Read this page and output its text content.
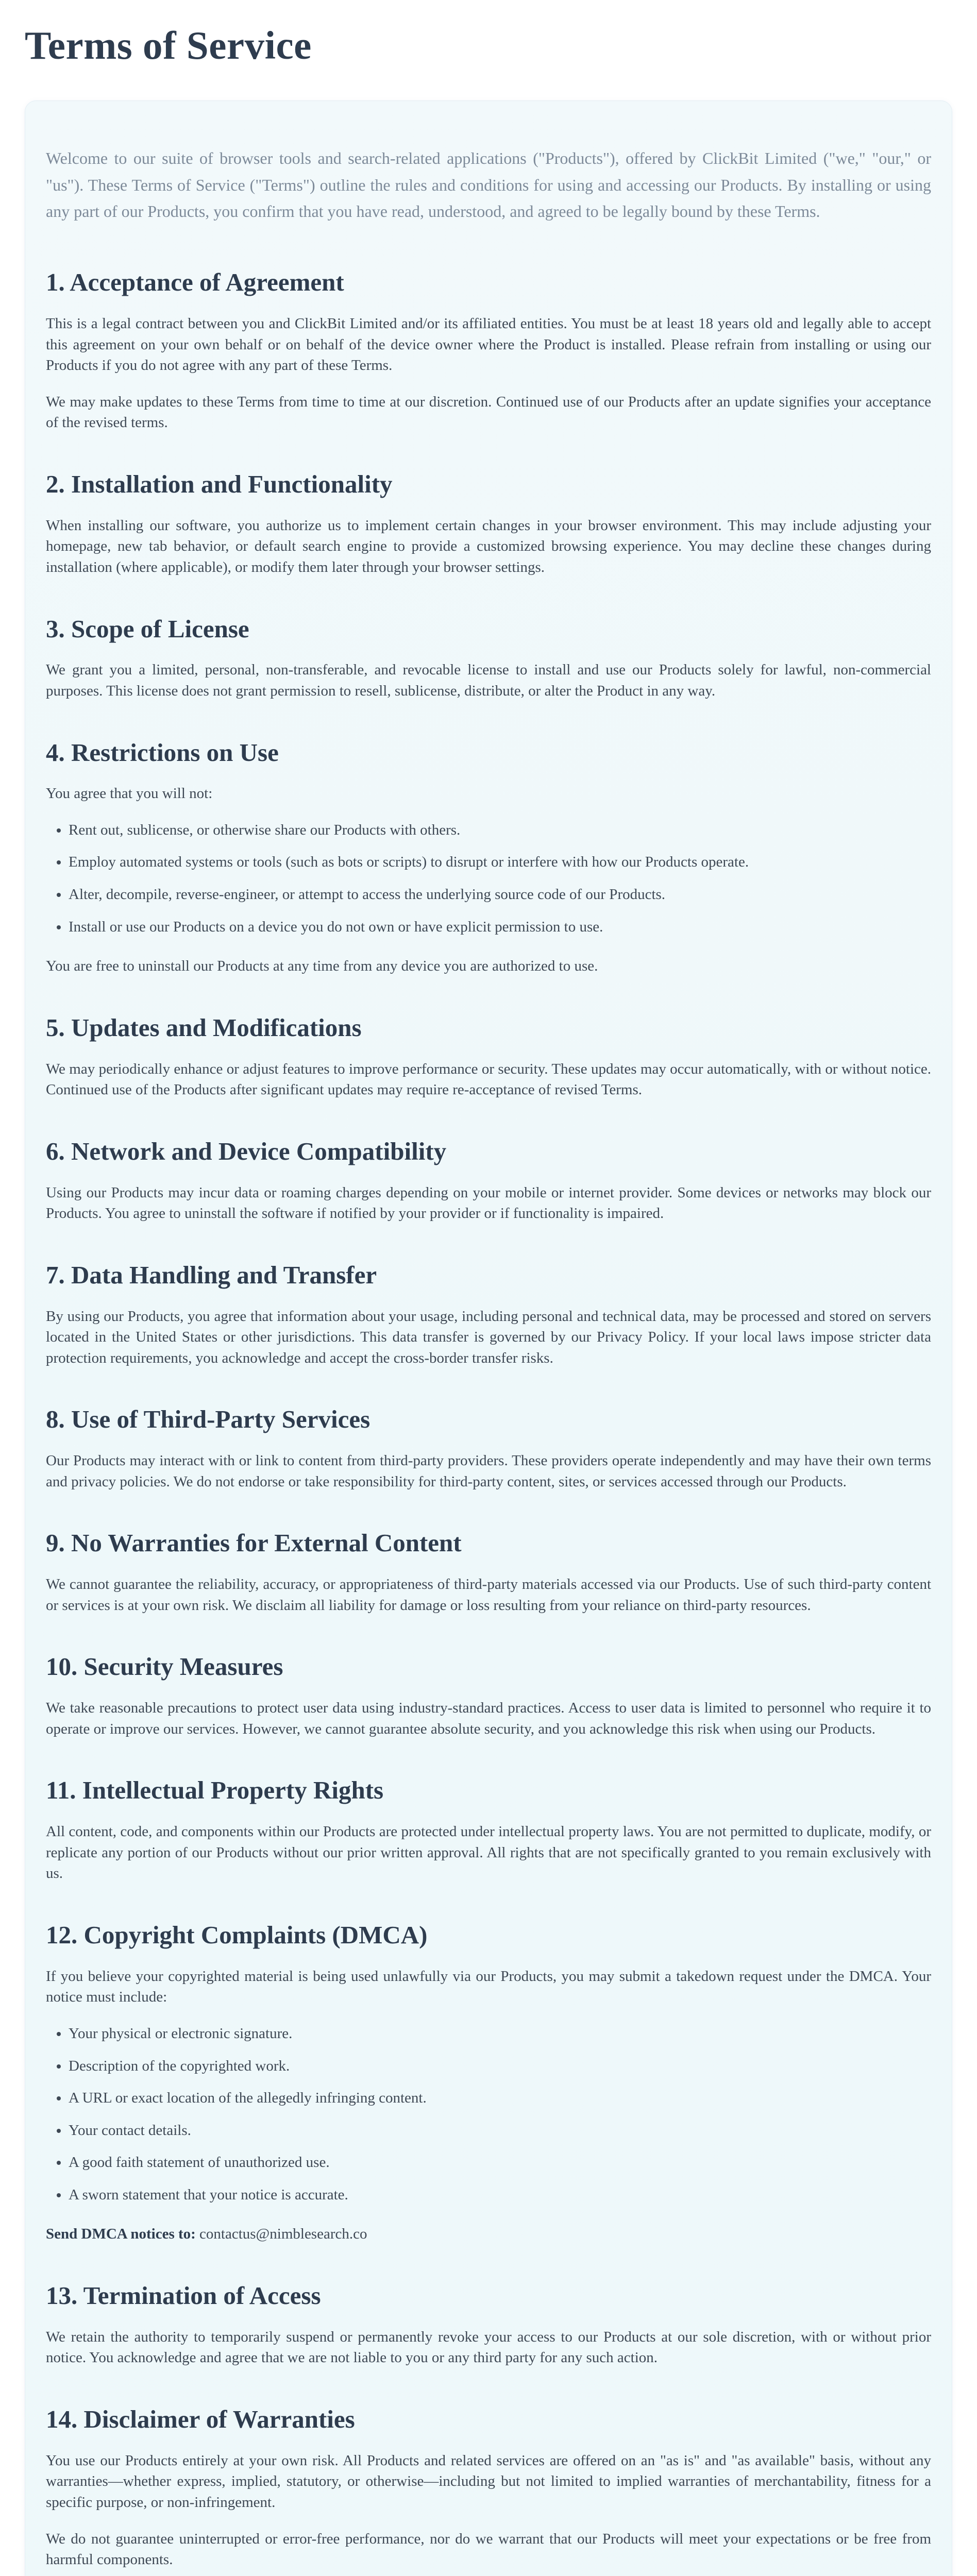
Terms of Service

Welcome to our suite of browser tools and search-related applications ("Products"), offered by ClickBit Limited ("we," "our," or "us"). These Terms of Service ("Terms") outline the rules and conditions for using and accessing our Products. By installing or using any part of our Products, you confirm that you have read, understood, and agreed to be legally bound by these Terms.

1. Acceptance of Agreement

This is a legal contract between you and ClickBit Limited and/or its affiliated entities. You must be at least 18 years old and legally able to accept this agreement on your own behalf or on behalf of the device owner where the Product is installed. Please refrain from installing or using our Products if you do not agree with any part of these Terms.

We may make updates to these Terms from time to time at our discretion. Continued use of our Products after an update signifies your acceptance of the revised terms.

2. Installation and Functionality

When installing our software, you authorize us to implement certain changes in your browser environment. This may include adjusting your homepage, new tab behavior, or default search engine to provide a customized browsing experience. You may decline these changes during installation (where applicable), or modify them later through your browser settings.

3. Scope of License

We grant you a limited, personal, non-transferable, and revocable license to install and use our Products solely for lawful, non-commercial purposes. This license does not grant permission to resell, sublicense, distribute, or alter the Product in any way.

4. Restrictions on Use

You agree that you will not:

• Rent out, sublicense, or otherwise share our Products with others.
• Employ automated systems or tools (such as bots or scripts) to disrupt or interfere with how our Products operate.
• Alter, decompile, reverse-engineer, or attempt to access the underlying source code of our Products.
• Install or use our Products on a device you do not own or have explicit permission to use.

You are free to uninstall our Products at any time from any device you are authorized to use.

5. Updates and Modifications

We may periodically enhance or adjust features to improve performance or security. These updates may occur automatically, with or without notice. Continued use of the Products after significant updates may require re-acceptance of revised Terms.

6. Network and Device Compatibility

Using our Products may incur data or roaming charges depending on your mobile or internet provider. Some devices or networks may block our Products. You agree to uninstall the software if notified by your provider or if functionality is impaired.

7. Data Handling and Transfer

By using our Products, you agree that information about your usage, including personal and technical data, may be processed and stored on servers located in the United States or other jurisdictions. This data transfer is governed by our Privacy Policy. If your local laws impose stricter data protection requirements, you acknowledge and accept the cross-border transfer risks.

8. Use of Third-Party Services

Our Products may interact with or link to content from third-party providers. These providers operate independently and may have their own terms and privacy policies. We do not endorse or take responsibility for third-party content, sites, or services accessed through our Products.

9. No Warranties for External Content

We cannot guarantee the reliability, accuracy, or appropriateness of third-party materials accessed via our Products. Use of such third-party content or services is at your own risk. We disclaim all liability for damage or loss resulting from your reliance on third-party resources.

10. Security Measures

We take reasonable precautions to protect user data using industry-standard practices. Access to user data is limited to personnel who require it to operate or improve our services. However, we cannot guarantee absolute security, and you acknowledge this risk when using our Products.

11. Intellectual Property Rights

All content, code, and components within our Products are protected under intellectual property laws. You are not permitted to duplicate, modify, or replicate any portion of our Products without our prior written approval. All rights that are not specifically granted to you remain exclusively with us.

12. Copyright Complaints (DMCA)

If you believe your copyrighted material is being used unlawfully via our Products, you may submit a takedown request under the DMCA. Your notice must include:

• Your physical or electronic signature.
• Description of the copyrighted work.
• A URL or exact location of the allegedly infringing content.
• Your contact details.
• A good faith statement of unauthorized use.
• A sworn statement that your notice is accurate.

Send DMCA notices to: contactus@nimblesearch.co

13. Termination of Access

We retain the authority to temporarily suspend or permanently revoke your access to our Products at our sole discretion, with or without prior notice. You acknowledge and agree that we are not liable to you or any third party for any such action.

14. Disclaimer of Warranties

You use our Products entirely at your own risk. All Products and related services are offered on an "as is" and "as available" basis, without any warranties—whether express, implied, statutory, or otherwise—including but not limited to implied warranties of merchantability, fitness for a specific purpose, or non-infringement.

We do not guarantee uninterrupted or error-free performance, nor do we warrant that our Products will meet your expectations or be free from harmful components.
